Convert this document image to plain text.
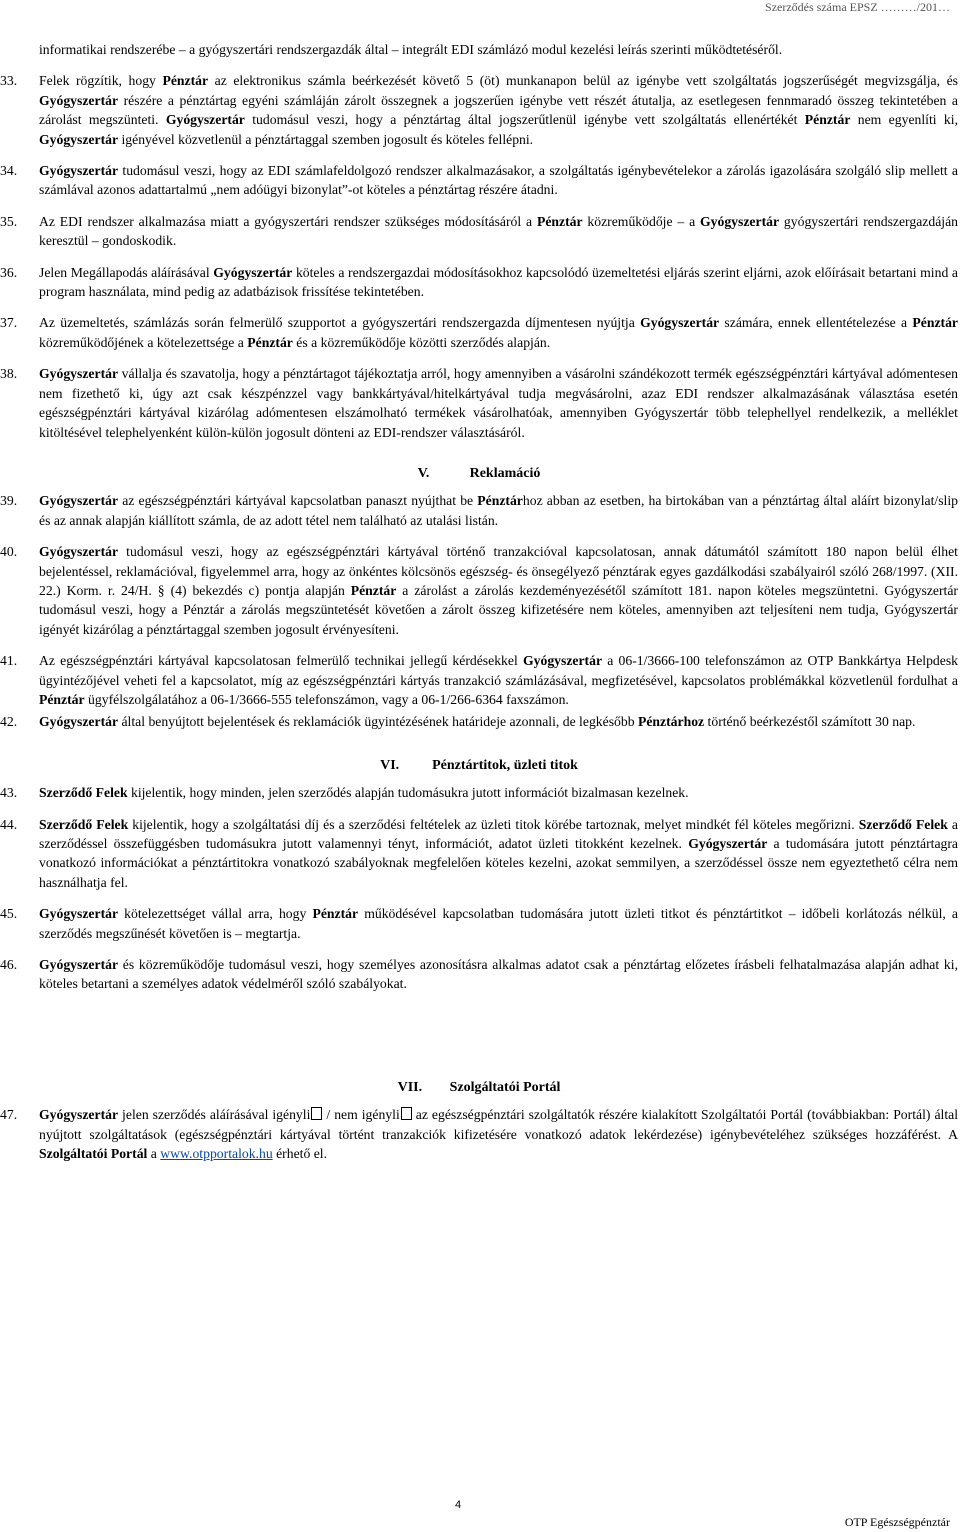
Szerződés száma EPSZ ………/201…

informatikai rendszerébe – a gyógyszertári rendszergazdák által – integrált EDI számlázó modul kezelési leírás szerinti működtetéséről.

33. Felek rögzítik, hogy Pénztár az elektronikus számla beérkezését követő 5 (öt) munkanapon belül az igénybe vett szolgáltatás jogszerűségét megvizsgálja, és Gyógyszertár részére a pénztártag egyéni számláján zárolt összegnek a jogszerűen igénybe vett részét átutalja, az esetlegesen fennmaradó összeg tekintetében a zárolást megszünteti. Gyógyszertár tudomásul veszi, hogy a pénztártag által jogszerűtlenül igénybe vett szolgáltatás ellenértékét Pénztár nem egyenlíti ki, Gyógyszertár igényével közvetlenül a pénztártaggal szemben jogosult és köteles fellépni.

34. Gyógyszertár tudomásul veszi, hogy az EDI számlafeldolgozó rendszer alkalmazásakor, a szolgáltatás igénybevételekor a zárolás igazolására szolgáló slip mellett a számlával azonos adattartalmú „nem adóügyi bizonylat”-ot köteles a pénztártag részére átadni.

35. Az EDI rendszer alkalmazása miatt a gyógyszertári rendszer szükséges módosításáról a Pénztár közreműködője – a Gyógyszertár gyógyszertári rendszergazdáján keresztül – gondoskodik.

36. Jelen Megállapodás aláírásával Gyógyszertár köteles a rendszergazdai módosításokhoz kapcsolódó üzemeltetési eljárás szerint eljárni, azok előírásait betartani mind a program használata, mind pedig az adatbázisok frissítése tekintetében.

37. Az üzemeltetés, számlázás során felmerülő szupportot a gyógyszertári rendszergazda díjmentesen nyújtja Gyógyszertár számára, ennek ellentételezése a Pénztár közreműködőjének a kötelezettsége a Pénztár és a közreműködője közötti szerződés alapján.

38. Gyógyszertár vállalja és szavatolja, hogy a pénztártagot tájékoztatja arról, hogy amennyiben a vásárolni szándékozott termék egészségpénztári kártyával adómentesen nem fizethető ki, úgy azt csak készpénzzel vagy bankkártyával/hitelkártyával tudja megvásárolni, azaz EDI rendszer alkalmazásának választása esetén egészségpénztári kártyával kizárólag adómentesen elszámolható termékek vásárolhatóak, amennyiben Gyógyszertár több telephellyel rendelkezik, a melléklet kitöltésével telephelyenként külön-külön jogosult dönteni az EDI-rendszer választásáról.

V.	Reklamáció

39. Gyógyszertár az egészségpénztári kártyával kapcsolatban panaszt nyújthat be Pénztárhoz abban az esetben, ha birtokában van a pénztártag által aláírt bizonylat/slip és az annak alapján kiállított számla, de az adott tétel nem található az utalási listán.

40. Gyógyszertár tudomásul veszi, hogy az egészségpénztári kártyával történő tranzakcióval kapcsolatosan, annak dátumától számított 180 napon belül élhet bejelentéssel, reklamációval, figyelemmel arra, hogy az önkéntes kölcsönös egészség- és önsegélyező pénztárak egyes gazdálkodási szabályairól szóló 268/1997. (XII. 22.) Korm. r. 24/H. § (4) bekezdés c) pontja alapján Pénztár a zárolást a zárolás kezdeményezésétől számított 181. napon köteles megszüntetni. Gyógyszertár tudomásul veszi, hogy a Pénztár a zárolás megszüntetését követően a zárolt összeg kifizetésére nem köteles, amennyiben azt teljesíteni nem tudja, Gyógyszertár igényét kizárólag a pénztártaggal szemben jogosult érvényesíteni.

41. Az egészségpénztári kártyával kapcsolatosan felmerülő technikai jellegű kérdésekkel Gyógyszertár a 06-1/3666-100 telefonszámon az OTP Bankkártya Helpdesk ügyintézőjével veheti fel a kapcsolatot, míg az egészségpénztári kártyás tranzakció számlázásával, megfizetésével, kapcsolatos problémákkal közvetlenül fordulhat a Pénztár ügyfélszolgálatához a 06-1/3666-555 telefonszámon, vagy a 06-1/266-6364 faxszámon.

42. Gyógyszertár által benyújtott bejelentések és reklamációk ügyintézésének határideje azonnali, de legkésőbb Pénztárhoz történő beérkezéstől számított 30 nap.

VI. Pénztártitok, üzleti titok

43. Szerződő Felek kijelentik, hogy minden, jelen szerződés alapján tudomásukra jutott információt bizalmasan kezelnek.

44. Szerződő Felek kijelentik, hogy a szolgáltatási díj és a szerződési feltételek az üzleti titok körébe tartoznak, melyet mindkét fél köteles megőrizni. Szerződő Felek a szerződéssel összefüggésben tudomásukra jutott valamennyi tényt, információt, adatot üzleti titokként kezelnek. Gyógyszertár a tudomására jutott pénztártagra vonatkozó információkat a pénztártitokra vonatkozó szabályoknak megfelelően köteles kezelni, azokat semmilyen, a szerződéssel össze nem egyeztethető célra nem használhatja fel.

45. Gyógyszertár kötelezettséget vállal arra, hogy Pénztár működésével kapcsolatban tudomására jutott üzleti titkot és pénztártitkot – időbeli korlátozás nélkül, a szerződés megszűnését követően is – megtartja.

46. Gyógyszertár és közreműködője tudomásul veszi, hogy személyes azonosításra alkalmas adatot csak a pénztártag előzetes írásbeli felhatalmazása alapján adhat ki, köteles betartani a személyes adatok védelméről szóló szabályokat.

VII. Szolgáltatói Portál

47. Gyógyszertár jelen szerződés aláírásával igényli / nem igényli az egészségpénztári szolgáltatók részére kialakított Szolgáltatói Portál (továbbiakban: Portál) által nyújtott szolgáltatások (egészségpénztári kártyával történt tranzakciók kifizetésére vonatkozó adatok lekérdezése) igénybevételéhez szükséges hozzáférést. A Szolgáltatói Portál a www.otpportalok.hu érhető el.

4
OTP Egészségpénztár
